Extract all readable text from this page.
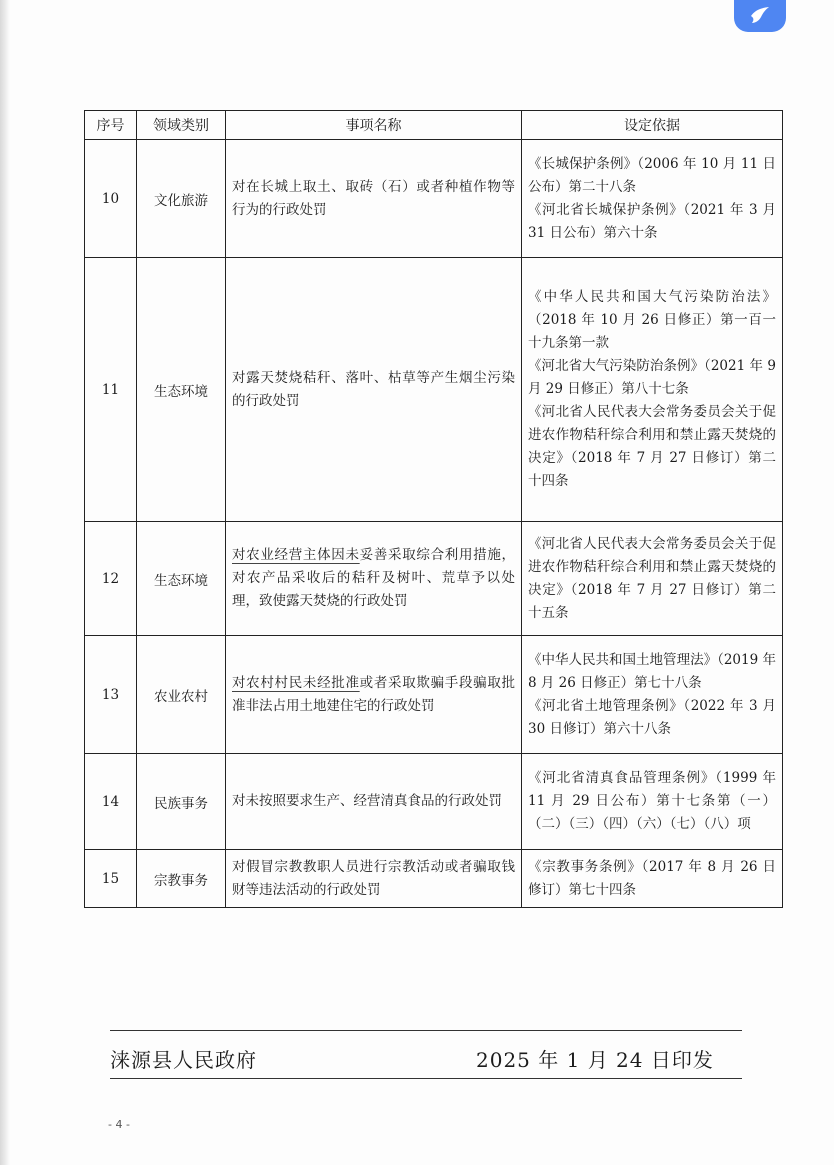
序号	领域类别	事项名称	设定依据
10	文化旅游	对在长城上取土、取砖（石）或者种植作物等行为的行政处罚	《长城保护条例》（2006 年 10 月 11 日公布）第二十八条
《河北省长城保护条例》（2021 年 3 月 31 日公布）第六十条

11	生态环境	对露天焚烧秸秆、落叶、枯草等产生烟尘污染的行政处罚	《中华人民共和国大气污染防治法》（2018 年 10 月 26 日修正）第一百一十九条第一款
《河北省大气污染防治条例》（2021 年 9 月 29 日修正）第八十七条
《河北省人民代表大会常务委员会关于促进农作物秸秆综合利用和禁止露天焚烧的决定》（2018 年 7 月 27 日修订）第二十四条

12	生态环境	对农业经营主体因未妥善采取综合利用措施，对农产品采收后的秸秆及树叶、荒草予以处理，致使露天焚烧的行政处罚	《河北省人民代表大会常务委员会关于促进农作物秸秆综合利用和禁止露天焚烧的决定》（2018 年 7 月 27 日修订）第二十五条

13	农业农村	对农村村民未经批准或者采取欺骗手段骗取批准非法占用土地建住宅的行政处罚	《中华人民共和国土地管理法》（2019 年 8 月 26 日修正）第七十八条
《河北省土地管理条例》（2022 年 3 月 30 日修订）第六十八条

14	民族事务	对未按照要求生产、经营清真食品的行政处罚	《河北省清真食品管理条例》（1999 年 11 月 29 日公布）第十七条第（一）（二）（三）（四）（六）（七）（八）项

15	宗教事务	对假冒宗教教职人员进行宗教活动或者骗取钱财等违法活动的行政处罚	《宗教事务条例》（2017 年 8 月 26 日修订）第七十四条
涞源县人民政府	2025 年 1 月 24 日印发
- 4 -
